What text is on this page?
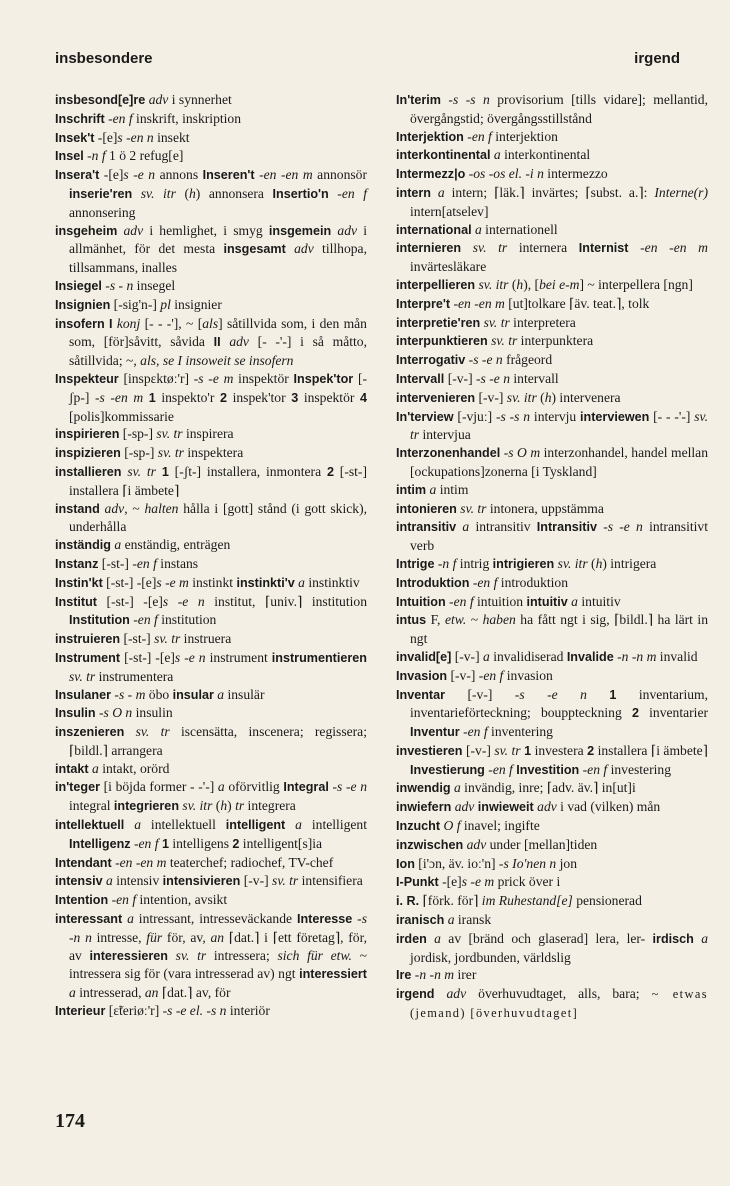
insbesondere	irgend
insbesond[e]re adv i synnerhet
Inschrift -en f inskrift, inskription
Insek't -[e]s -en n insekt
Insel -n f 1 ö 2 refug[e]
Insera't -[e]s -e n annons Inseren't -en -en m annonsör inserie'ren sv. itr (h) annonsera Insertio'n -en f annonsering
insgeheim adv i hemlighet, i smyg insgemein adv i allmänhet, för det mesta insgesamt adv tillhopa, tillsammans, inalles
Insiegel -s - n insegel
Insignien [-sig'n-] pl insignier
insofern I konj [- - -'], ~ [als] såtillvida som, i den mån som, [för]såvitt, såvida II adv [- -'-] i så måtto, såtillvida; ~, als, se I insoweit se insofern
Inspekteur [inspɛktøː'r] -s -e m inspektör Inspek'tor [-ʃp-] -s -en m 1 inspekto'r 2 inspek'tor 3 inspektör 4 [polis]kommissarie
inspirieren [-sp-] sv. tr inspirera
inspizieren [-sp-] sv. tr inspektera
installieren sv. tr 1 [-ʃt-] installera, inmontera 2 [-st-] installera ⌈i ämbete⌉
instand adv, ~ halten hålla i [gott] stånd (i gott skick), underhålla
inständig a enständig, enträgen
Instanz [-st-] -en f instans
Instin'kt [-st-] -[e]s -e m instinkt instinkti'v a instinktiv
Institut [-st-] -[e]s -e n institut, ⌈univ.⌉ institution Institution -en f institution
instruieren [-st-] sv. tr instruera
Instrument [-st-] -[e]s -e n instrument instrumentieren sv. tr instrumentera
Insulaner -s - m öbo insular a insulär
Insulin -s O n insulin
inszenieren sv. tr iscensätta, inscenera; regissera; ⌈bildl.⌉ arrangera
intakt a intakt, orörd
in'teger [i böjda former - -'-] a oförvitlig Integral -s -e n integral integrieren sv. itr (h) tr integrera
intellektuell a intellektuell intelligent a intelligent Intelligenz -en f 1 intelligens 2 intelligent[s]ia
Intendant -en -en m teaterchef; radiochef, TV-chef
intensiv a intensiv intensivieren [-v-] sv. tr intensifiera
Intention -en f intention, avsikt
interessant a intressant, intresseväckande Interesse -s -n n intresse, für för, av, an ⌈dat.⌉ i ⌈ett företag⌉, för, av interessieren sv. tr intressera; sich für etw. ~ intressera sig för (vara intresserad av) ngt interessiert a intresserad, an ⌈dat.⌉ av, för
Interieur [ɛ̃teriøː'r] -s -e el. -s n interiör
In'terim -s -s n provisorium [tills vidare]; mellantid, övergångstid; övergångsstillstånd
Interjektion -en f interjektion
interkontinental a interkontinental
Intermezz|o -os -os el. -i n intermezzo
intern a intern; ⌈läk.⌉ invärtes; ⌈subst. a.⌉: Interne(r) intern[atselev]
international a internationell
internieren sv. tr internera Internist -en -en m invärtesläkare
interpellieren sv. itr (h), [bei e-m] ~ interpellera [ngn]
Interpre't -en -en m [ut]tolkare ⌈äv. teat.⌉, tolk
interpretie'ren sv. tr interpretera
interpunktieren sv. tr interpunktera
Interrogativ -s -e n frågeord
Intervall [-v-] -s -e n intervall
intervenieren [-v-] sv. itr (h) intervenera
In'terview [-vjuː] -s -s n intervju interviewen [- - -'-] sv. tr intervjua
Interzonenhandel -s O m interzonhandel, handel mellan [ockupations]zonerna [i Tyskland]
intim a intim
intonieren sv. tr intonera, uppstämma
intransitiv a intransitiv Intransitiv -s -e n intransitivt verb
Intrige -n f intrig intrigieren sv. itr (h) intrigera
Introduktion -en f introduktion
Intuition -en f intuition intuitiv a intuitiv
intus F, etw. ~ haben ha fått ngt i sig, ⌈bildl.⌉ ha lärt in ngt
invalid[e] [-v-] a invalidiserad Invalide -n -n m invalid
Invasion [-v-] -en f invasion
Inventar [-v-] -s -e n 1 inventarium, inventarieförteckning; bouppteckning 2 inventarier Inventur -en f inventering
investieren [-v-] sv. tr 1 investera 2 installera ⌈i ämbete⌉ Investierung -en f Investition -en f investering
inwendig a invändig, inre; ⌈adv. äv.⌉ in[ut]i
inwiefern adv inwieweit adv i vad (vilken) mån
Inzucht O f inavel; ingifte
inzwischen adv under [mellan]tiden
Ion [i'ɔn, äv. ioː'n] -s Io'nen n jon
I-Punkt -[e]s -e m prick över i
i. R. ⌈förk. för⌉ im Ruhestand[e] pensionerad
iranisch a iransk
irden a av [bränd och glaserad] lera, ler- irdisch a jordisk, jordbunden, världslig
Ire -n -n m irer
irgend adv överhuvudtaget, alls, bara; ~ etwas (jemand) [överhuvudtaget]
174
